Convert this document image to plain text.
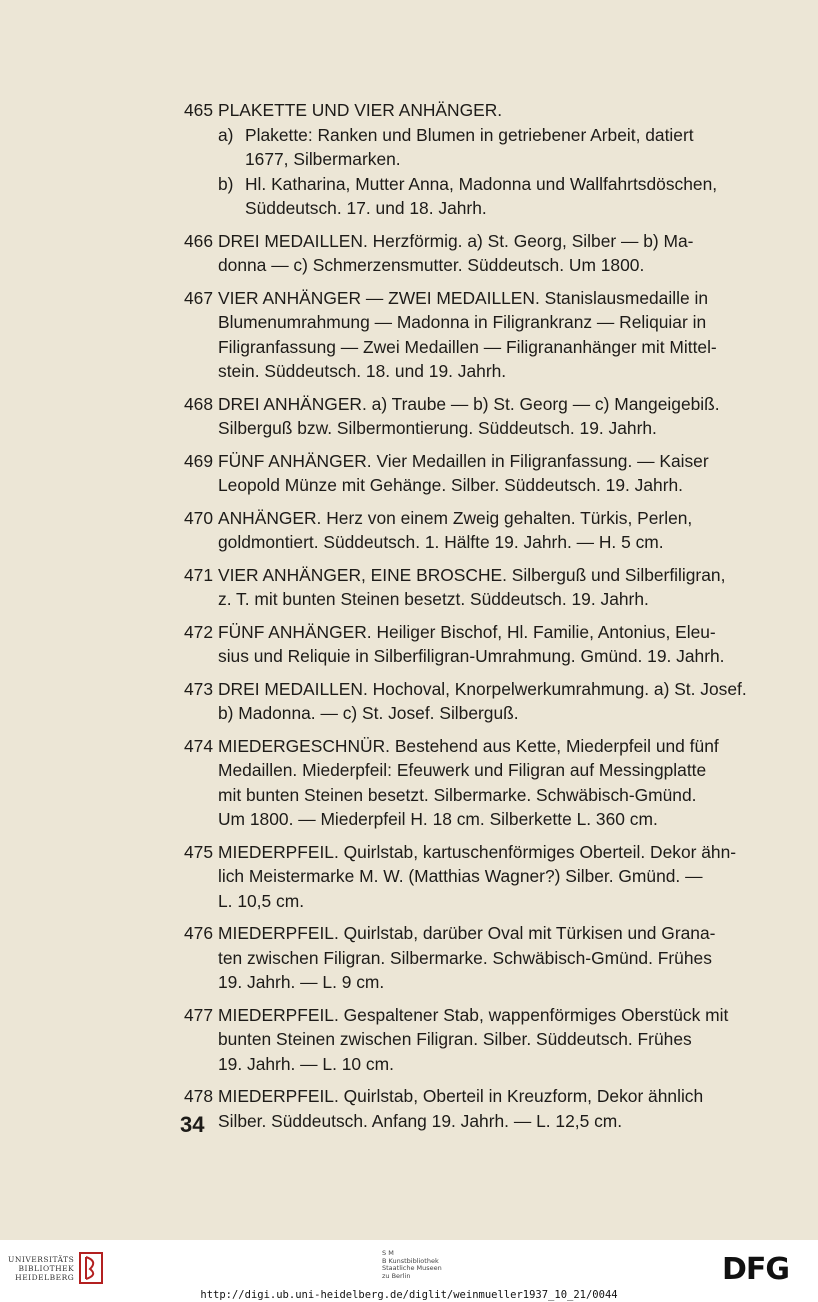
465 PLAKETTE UND VIER ANHÄNGER.
a) Plakette: Ranken und Blumen in getriebener Arbeit, datiert
1677, Silbermarken.
b) Hl. Katharina, Mutter Anna, Madonna und Wallfahrtsdöschen,
Süddeutsch. 17. und 18. Jahrh.
466 DREI MEDAILLEN. Herzförmig. a) St. Georg, Silber — b) Ma-
donna — c) Schmerzensmutter. Süddeutsch. Um 1800.
467 VIER ANHÄNGER — ZWEI MEDAILLEN. Stanislausmedaille in
Blumenumrahmung — Madonna in Filigrankranz — Reliquiar in
Filigranfassung — Zwei Medaillen — Filigrananhänger mit Mittel-
stein. Süddeutsch. 18. und 19. Jahrh.
468 DREI ANHÄNGER. a) Traube — b) St. Georg — c) Mangeigebiß.
Silberguß bzw. Silbermontierung. Süddeutsch. 19. Jahrh.
469 FÜNF ANHÄNGER. Vier Medaillen in Filigranfassung. — Kaiser
Leopold Münze mit Gehänge. Silber. Süddeutsch. 19. Jahrh.
470 ANHÄNGER. Herz von einem Zweig gehalten. Türkis, Perlen,
goldmontiert. Süddeutsch. 1. Hälfte 19. Jahrh. — H. 5 cm.
471 VIER ANHÄNGER, EINE BROSCHE. Silberguß und Silberfiligran,
z. T. mit bunten Steinen besetzt. Süddeutsch. 19. Jahrh.
472 FÜNF ANHÄNGER. Heiliger Bischof, Hl. Familie, Antonius, Eleu-
sius und Reliquie in Silberfiligran-Umrahmung. Gmünd. 19. Jahrh.
473 DREI MEDAILLEN. Hochoval, Knorpelwerkumrahmung. a) St. Josef.
b) Madonna. — c) St. Josef. Silberguß.
474 MIEDERGESCHNÜR. Bestehend aus Kette, Miederpfeil und fünf
Medaillen. Miederpfeil: Efeuwerk und Filigran auf Messingplatte
mit bunten Steinen besetzt. Silbermarke. Schwäbisch-Gmünd.
Um 1800. — Miederpfeil H. 18 cm. Silberkette L. 360 cm.
475 MIEDERPFEIL. Quirlstab, kartuschenförmiges Oberteil. Dekor ähn-
lich Meistermarke M. W. (Matthias Wagner?) Silber. Gmünd. —
L. 10,5 cm.
476 MIEDERPFEIL. Quirlstab, darüber Oval mit Türkisen und Grana-
ten zwischen Filigran. Silbermarke. Schwäbisch-Gmünd. Frühes
19. Jahrh. — L. 9 cm.
477 MIEDERPFEIL. Gespaltener Stab, wappenförmiges Oberstück mit
bunten Steinen zwischen Filigran. Silber. Süddeutsch. Frühes
19. Jahrh. — L. 10 cm.
478 MIEDERPFEIL. Quirlstab, Oberteil in Kreuzform, Dekor ähnlich
Silber. Süddeutsch. Anfang 19. Jahrh. — L. 12,5 cm.
34
UNIVERSITÄTS
BIBLIOTHEK
HEIDELBERG
S M
B Kunstbibliothek
Staatliche Museen
zu Berlin	DFG
http://digi.ub.uni-heidelberg.de/diglit/weinmueller1937_10_21/0044
